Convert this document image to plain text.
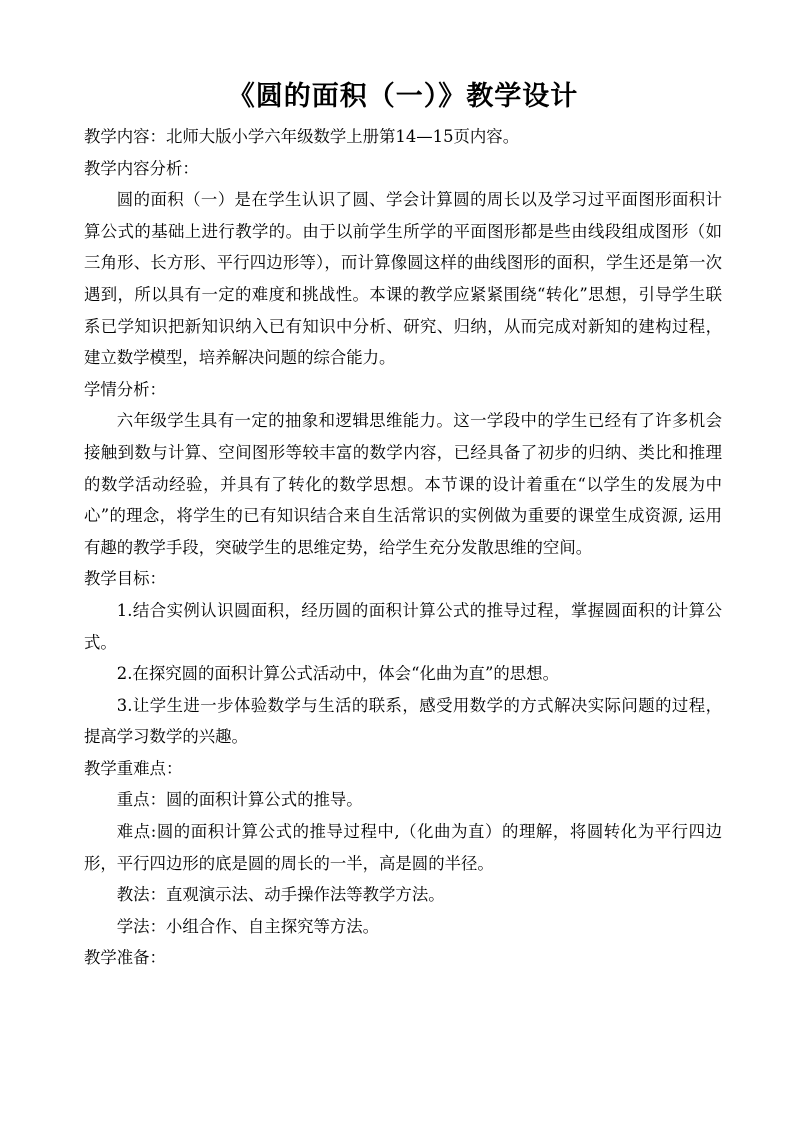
《圆的面积（一）》教学设计

教学内容：北师大版小学六年级数学上册第14—15页内容。

教学内容分析：

圆的面积（一）是在学生认识了圆、学会计算圆的周长以及学习过平面图形面积计算公式的基础上进行教学的。由于以前学生所学的平面图形都是些由线段组成图形（如三角形、长方形、平行四边形等），而计算像圆这样的曲线图形的面积，学生还是第一次遇到，所以具有一定的难度和挑战性。本课的教学应紧紧围绕“转化”思想，引导学生联系已学知识把新知识纳入已有知识中分析、研究、归纳，从而完成对新知的建构过程，建立数学模型，培养解决问题的综合能力。

学情分析：

六年级学生具有一定的抽象和逻辑思维能力。这一学段中的学生已经有了许多机会接触到数与计算、空间图形等较丰富的数学内容，已经具备了初步的归纳、类比和推理的数学活动经验，并具有了转化的数学思想。本节课的设计着重在“以学生的发展为中心”的理念，将学生的已有知识结合来自生活常识的实例做为重要的课堂生成资源, 运用有趣的教学手段，突破学生的思维定势，给学生充分发散思维的空间。

教学目标：

1.结合实例认识圆面积，经历圆的面积计算公式的推导过程，掌握圆面积的计算公式。

2.在探究圆的面积计算公式活动中，体会“化曲为直”的思想。

3.让学生进一步体验数学与生活的联系，感受用数学的方式解决实际问题的过程，提高学习数学的兴趣。

教学重难点：

重点：圆的面积计算公式的推导。

难点:圆的面积计算公式的推导过程中,（化曲为直）的理解，将圆转化为平行四边形，平行四边形的底是圆的周长的一半，高是圆的半径。

教法：直观演示法、动手操作法等教学方法。

学法：小组合作、自主探究等方法。

教学准备：
